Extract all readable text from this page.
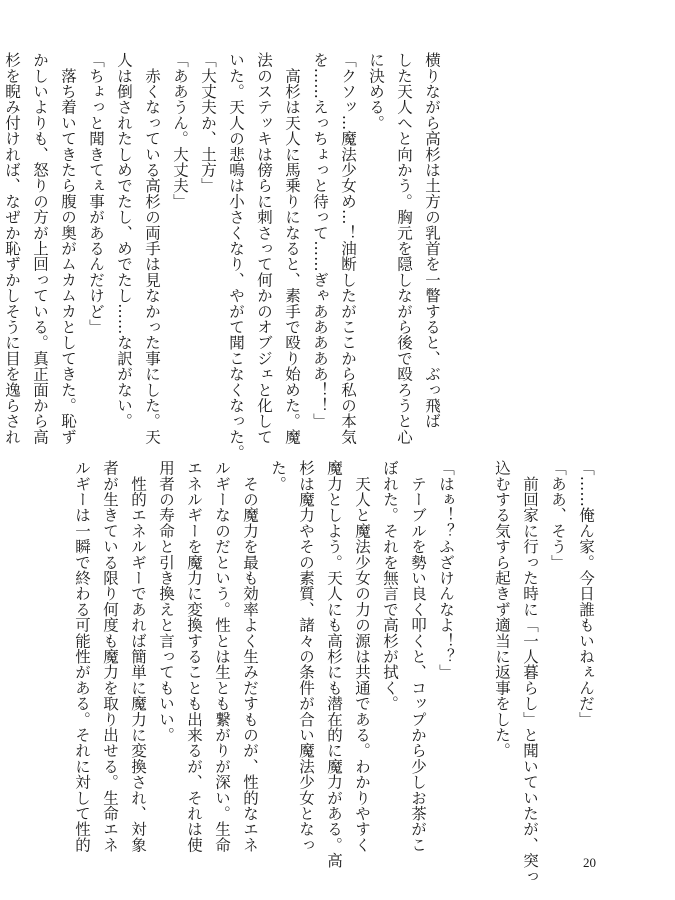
横りながら高杉は土方の乳首を一瞥すると、ぶっ飛ば
した天人へと向かう。胸元を隠しながら後で殴ろうと心
に決める。
「クソッ…魔法少女め…！油断したがここから私の本気
を……えっちょっと待って……ぎゃあああああ！！」
　高杉は天人に馬乗りになると、素手で殴り始めた。魔
法のステッキは傍らに刺さって何かのオブジェと化して
いた。天人の悲鳴は小さくなり、やがて聞こなくなった。
「大丈夫か、土方」
「ああうん。大丈夫」
　赤くなっている高杉の両手は見なかった事にした。天
人は倒されたしめでたし、めでたし……な訳がない。
「ちょっと聞きてぇ事があるんだけど」
　落ち着いてきたら腹の奥がムカムカとしてきた。恥ず
かしいよりも、怒りの方が上回っている。真正面から高
杉を睨み付ければ、なぜか恥ずかしそうに目を逸らされ
「……俺ん家。今日誰もいねぇんだ」
「ああ、そう」
　前回家に行った時に「一人暮らし」と聞いていたが、突っ
込むする気すら起きず適当に返事をした。
「はぁ！？ふざけんなよ！？」
　テーブルを勢い良く叩くと、コップから少しお茶がこ
ぼれた。それを無言で高杉が拭く。
　天人と魔法少女の力の源は共通である。わかりやすく
魔力としよう。天人にも高杉にも潜在的に魔力がある。高
杉は魔力やその素質、諸々の条件が合い魔法少女となっ
た。
　その魔力を最も効率よく生みだすものが、性的なエネ
ルギーなのだという。性とは生とも繋がりが深い。生命
エネルギーを魔力に変換することも出来るが、それは使
用者の寿命と引き換えと言ってもいい。
　性的エネルギーであれば簡単に魔力に変換され、対象
者が生きている限り何度も魔力を取り出せる。生命エネ
ルギーは一瞬で終わる可能性がある。それに対して性的
20
